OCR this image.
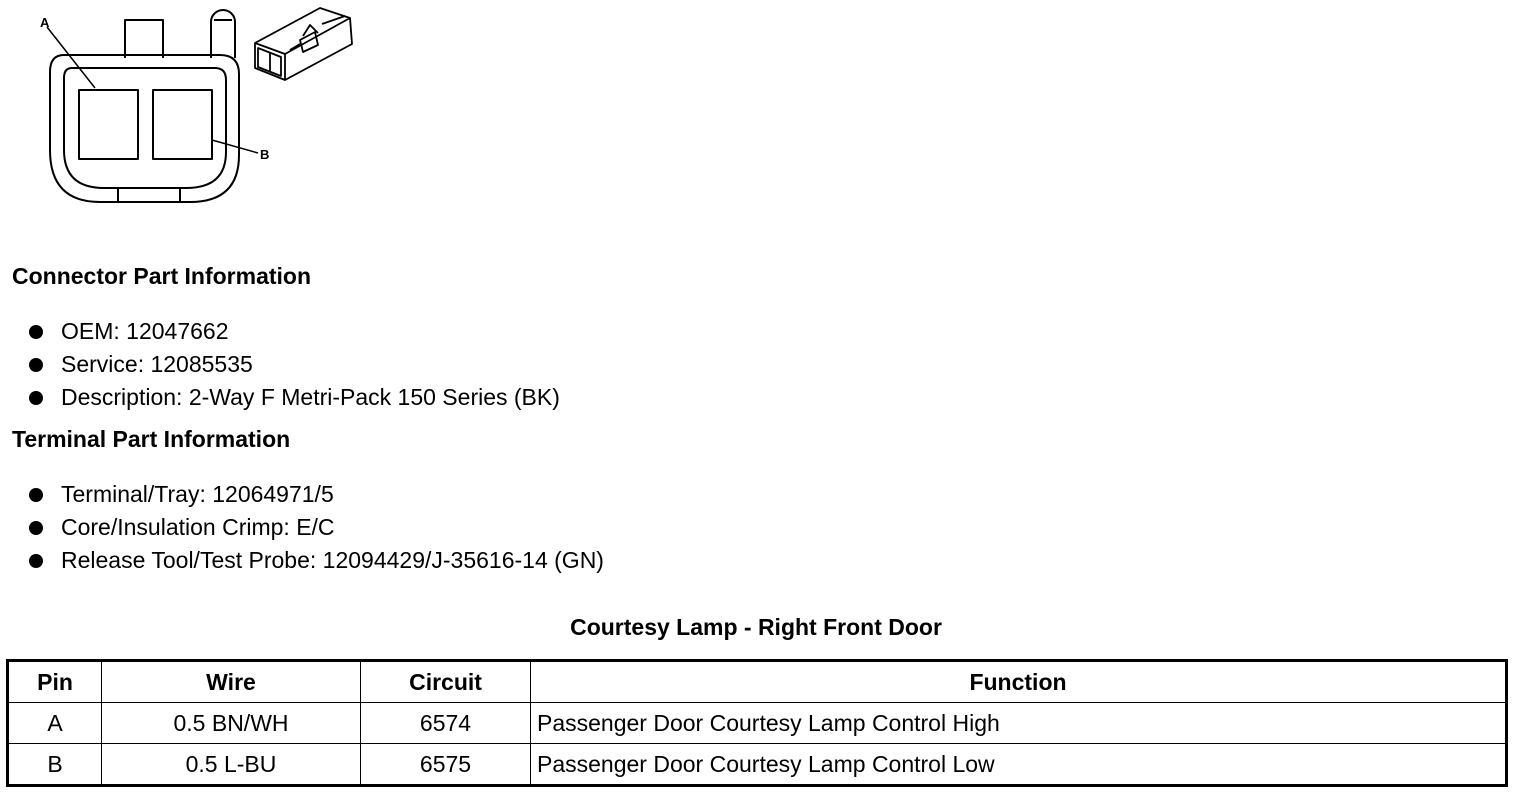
A
B
Connector Part Information
OEM: 12047662
Service: 12085535
Description: 2-Way F Metri-Pack 150 Series (BK)
Terminal Part Information
Terminal/Tray: 12064971/5
Core/Insulation Crimp: E/C
Release Tool/Test Probe: 12094429/J-35616-14 (GN)
Courtesy Lamp - Right Front Door
Pin	Wire	Circuit	Function
A	0.5 BN/WH	6574	Passenger Door Courtesy Lamp Control High
B	0.5 L-BU	6575	Passenger Door Courtesy Lamp Control Low
